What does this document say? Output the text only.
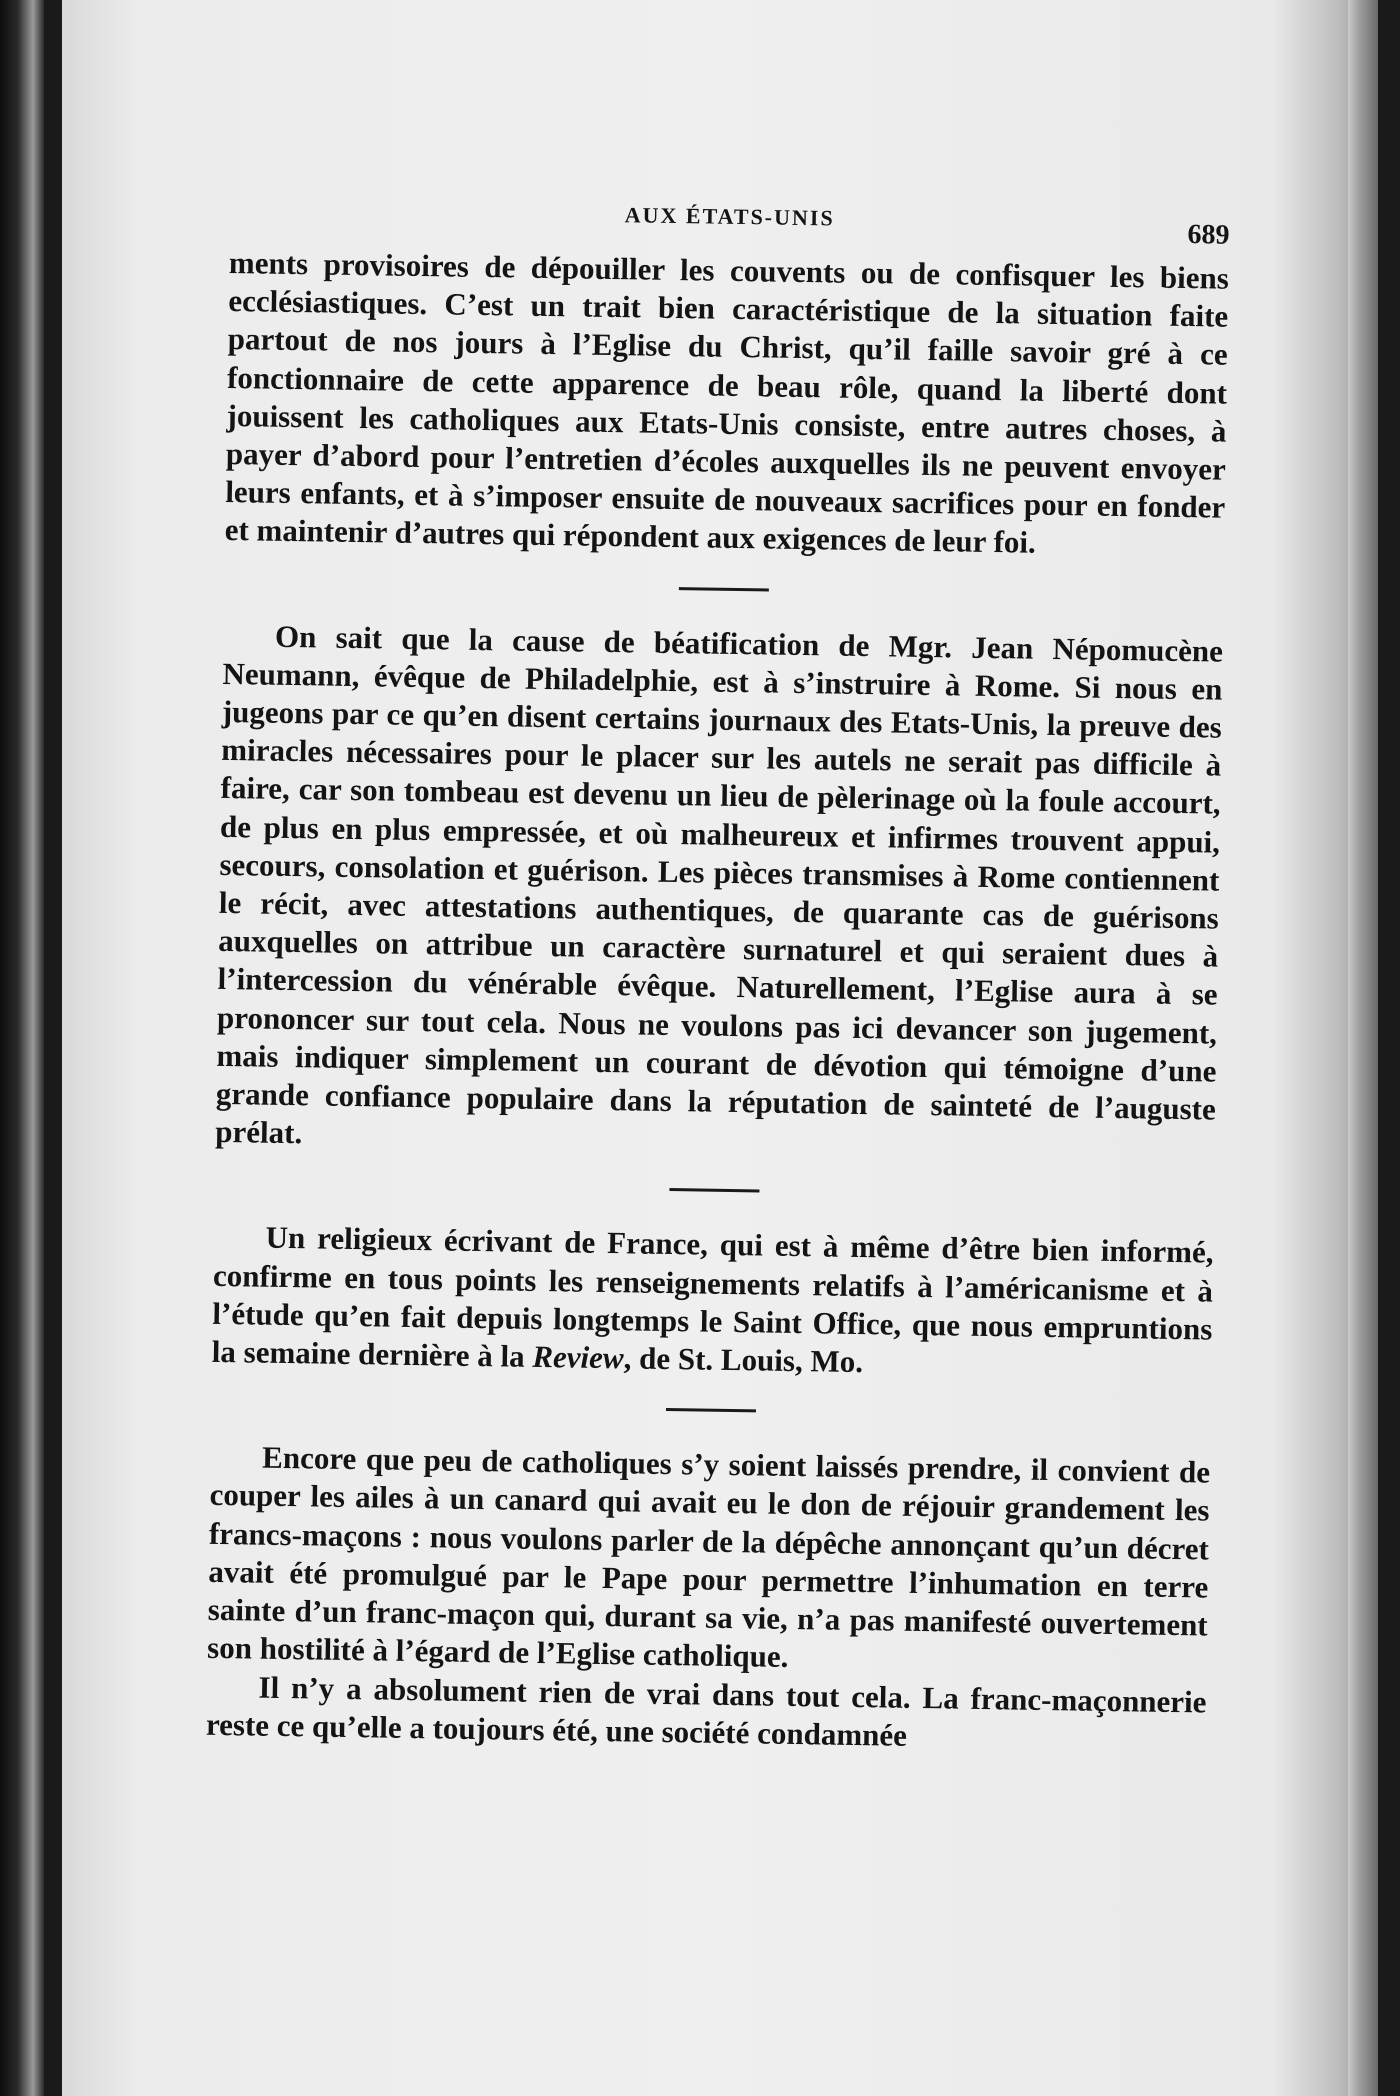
AUX ÉTATS-UNIS
689

ments provisoires de dépouiller les couvents ou de confisquer les biens ecclésiastiques. C’est un trait bien caractéristique de la situation faite partout de nos jours à l’Eglise du Christ, qu’il faille savoir gré à ce fonctionnaire de cette apparence de beau rôle, quand la liberté dont jouissent les catholiques aux Etats-Unis consiste, entre autres choses, à payer d’abord pour l’entretien d’écoles auxquelles ils ne peuvent envoyer leurs enfants, et à s’imposer ensuite de nouveaux sacrifices pour en fonder et maintenir d’autres qui répondent aux exigences de leur foi.

On sait que la cause de béatification de Mgr. Jean Népomucène Neumann, évêque de Philadelphie, est à s’instruire à Rome. Si nous en jugeons par ce qu’en disent certains journaux des Etats-Unis, la preuve des miracles nécessaires pour le placer sur les autels ne serait pas difficile à faire, car son tombeau est devenu un lieu de pèlerinage où la foule accourt, de plus en plus empressée, et où malheureux et infirmes trouvent appui, secours, consolation et guérison. Les pièces transmises à Rome contiennent le récit, avec attestations authentiques, de quarante cas de guérisons auxquelles on attribue un caractère surnaturel et qui seraient dues à l’intercession du vénérable évêque. Naturellement, l’Eglise aura à se prononcer sur tout cela. Nous ne voulons pas ici devancer son jugement, mais indiquer simplement un courant de dévotion qui témoigne d’une grande confiance populaire dans la réputation de sainteté de l’auguste prélat.

Un religieux écrivant de France, qui est à même d’être bien informé, confirme en tous points les renseignements relatifs à l’américanisme et à l’étude qu’en fait depuis longtemps le Saint Office, que nous empruntions la semaine dernière à la Review, de St. Louis, Mo.

Encore que peu de catholiques s’y soient laissés prendre, il convient de couper les ailes à un canard qui avait eu le don de réjouir grandement les francs-maçons : nous voulons parler de la dépêche annonçant qu’un décret avait été promulgué par le Pape pour permettre l’inhumation en terre sainte d’un franc-maçon qui, durant sa vie, n’a pas manifesté ouvertement son hostilité à l’égard de l’Eglise catholique.

Il n’y a absolument rien de vrai dans tout cela. La franc-maçonnerie reste ce qu’elle a toujours été, une société condamnée
